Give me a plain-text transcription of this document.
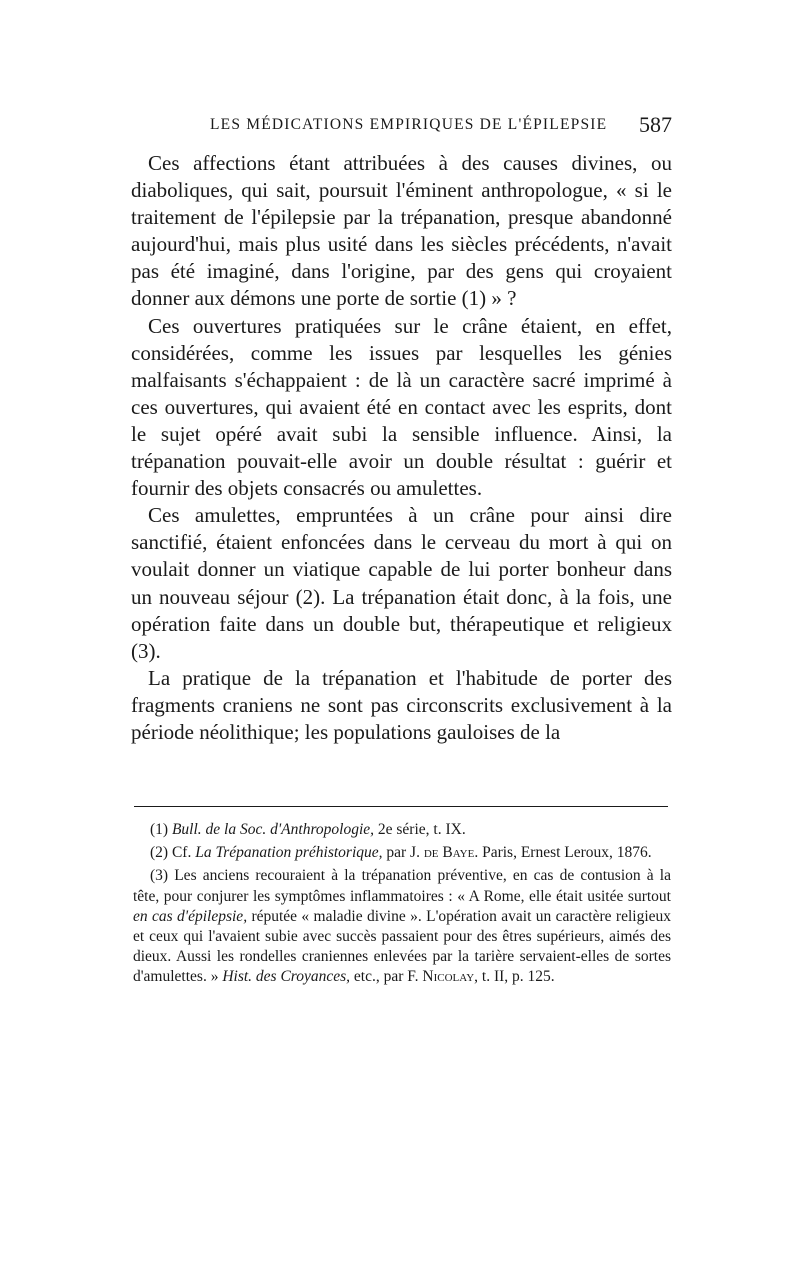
LES MÉDICATIONS EMPIRIQUES DE L'ÉPILEPSIE 587

Ces affections étant attribuées à des causes divines, ou diaboliques, qui sait, poursuit l'éminent anthropologue, « si le traitement de l'épilepsie par la trépanation, presque abandonné aujourd'hui, mais plus usité dans les siècles précédents, n'avait pas été imaginé, dans l'origine, par des gens qui croyaient donner aux démons une porte de sortie (1) » ?

Ces ouvertures pratiquées sur le crâne étaient, en effet, considérées, comme les issues par lesquelles les génies malfaisants s'échappaient : de là un caractère sacré imprimé à ces ouvertures, qui avaient été en contact avec les esprits, dont le sujet opéré avait subi la sensible influence. Ainsi, la trépanation pouvait-elle avoir un double résultat : guérir et fournir des objets consacrés ou amulettes.

Ces amulettes, empruntées à un crâne pour ainsi dire sanctifié, étaient enfoncées dans le cerveau du mort à qui on voulait donner un viatique capable de lui porter bonheur dans un nouveau séjour (2). La trépanation était donc, à la fois, une opération faite dans un double but, thérapeutique et religieux (3).

La pratique de la trépanation et l'habitude de porter des fragments craniens ne sont pas circonscrits exclusivement à la période néolithique; les populations gauloises de la

(1) Bull. de la Soc. d'Anthropologie, 2e série, t. IX.

(2) Cf. La Trépanation préhistorique, par J. de Baye. Paris, Ernest Leroux, 1876.

(3) Les anciens recouraient à la trépanation préventive, en cas de contusion à la tête, pour conjurer les symptômes inflammatoires : « A Rome, elle était usitée surtout en cas d'épilepsie, réputée « maladie divine ». L'opération avait un caractère religieux et ceux qui l'avaient subie avec succès passaient pour des êtres supérieurs, aimés des dieux. Aussi les rondelles craniennes enlevées par la tarière servaient-elles de sortes d'amulettes. » Hist. des Croyances, etc., par F. Nicolay, t. II, p. 125.
